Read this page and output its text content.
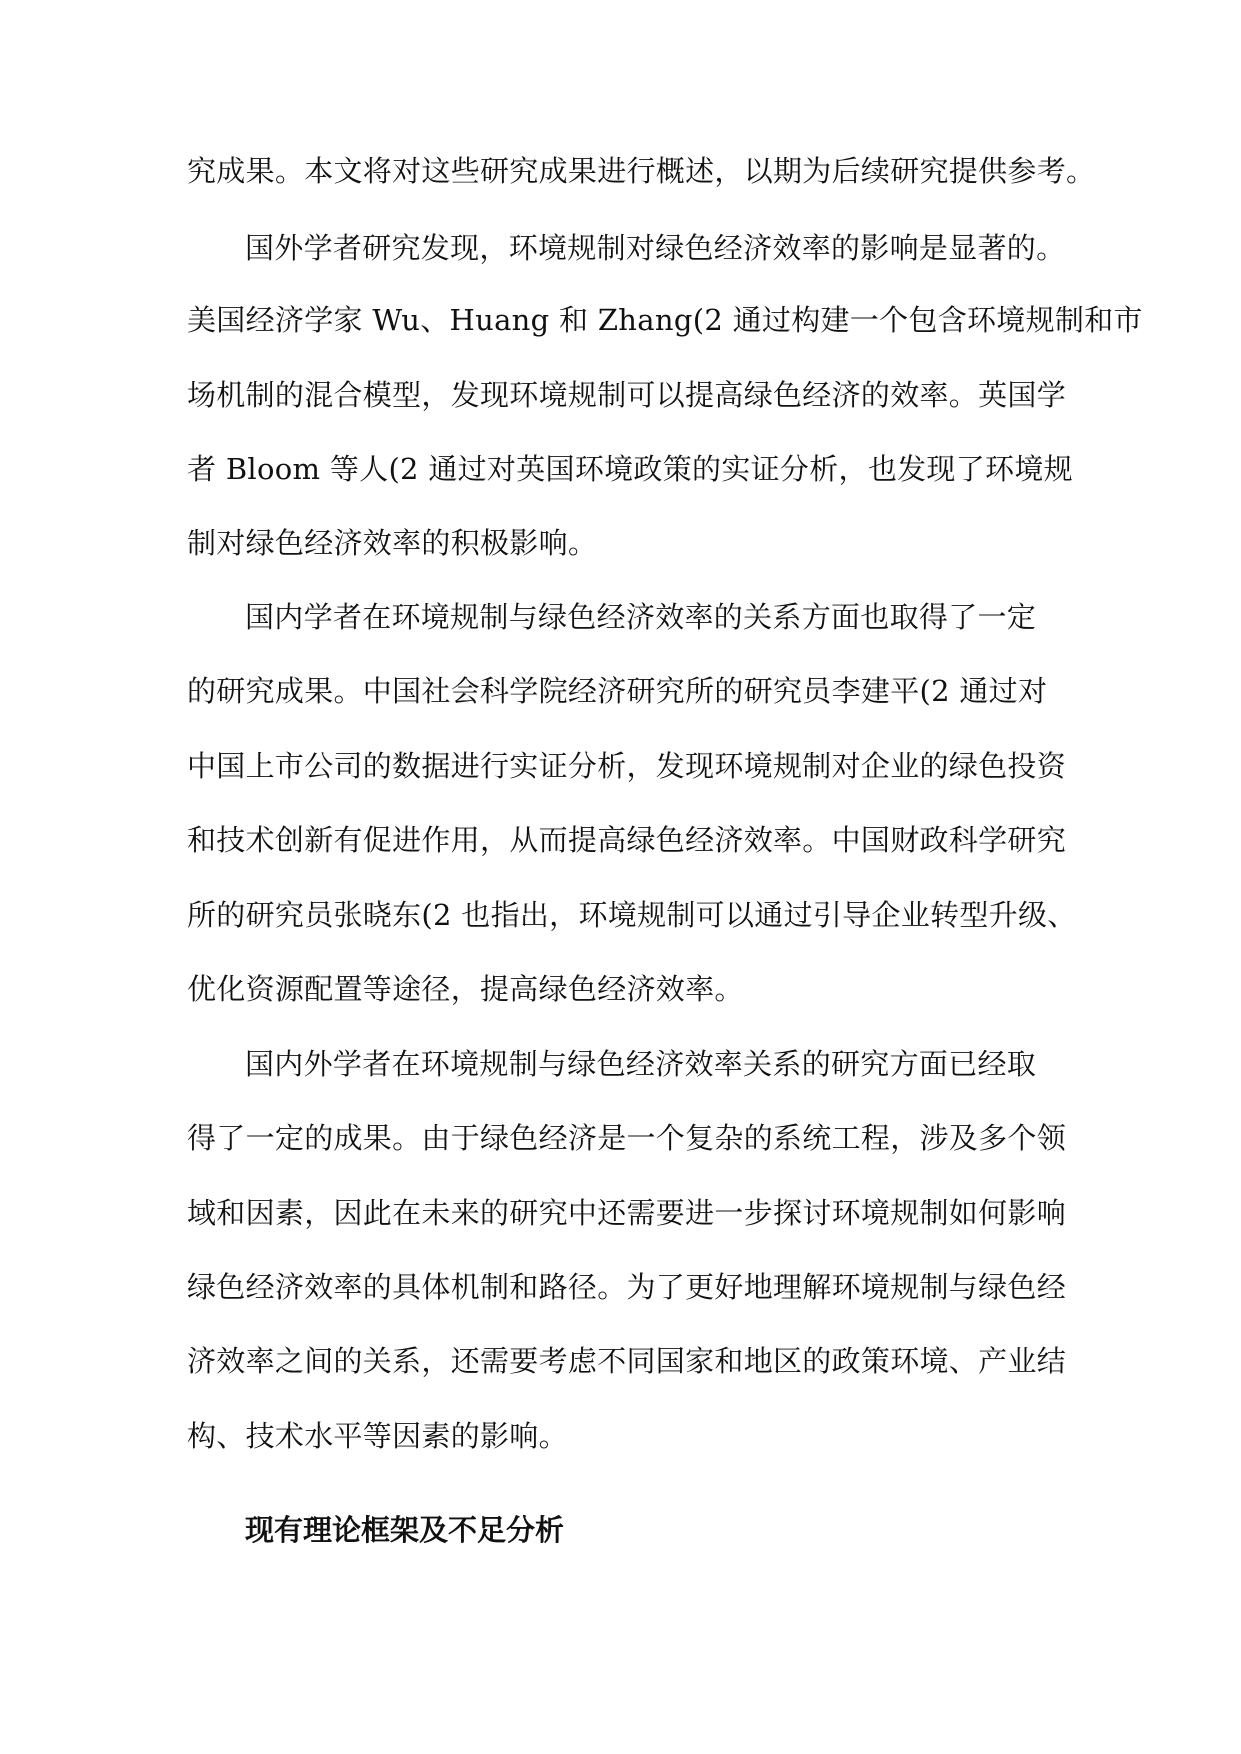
究成果。本文将对这些研究成果进行概述，以期为后续研究提供参考。
国外学者研究发现，环境规制对绿色经济效率的影响是显著的。
美国经济学家 Wu、Huang 和 Zhang(2 通过构建一个包含环境规制和市
场机制的混合模型，发现环境规制可以提高绿色经济的效率。英国学
者 Bloom 等人(2 通过对英国环境政策的实证分析，也发现了环境规
制对绿色经济效率的积极影响。
国内学者在环境规制与绿色经济效率的关系方面也取得了一定
的研究成果。中国社会科学院经济研究所的研究员李建平(2 通过对
中国上市公司的数据进行实证分析，发现环境规制对企业的绿色投资
和技术创新有促进作用，从而提高绿色经济效率。中国财政科学研究
所的研究员张晓东(2 也指出，环境规制可以通过引导企业转型升级、
优化资源配置等途径，提高绿色经济效率。
国内外学者在环境规制与绿色经济效率关系的研究方面已经取
得了一定的成果。由于绿色经济是一个复杂的系统工程，涉及多个领
域和因素，因此在未来的研究中还需要进一步探讨环境规制如何影响
绿色经济效率的具体机制和路径。为了更好地理解环境规制与绿色经
济效率之间的关系，还需要考虑不同国家和地区的政策环境、产业结
构、技术水平等因素的影响。
现有理论框架及不足分析
